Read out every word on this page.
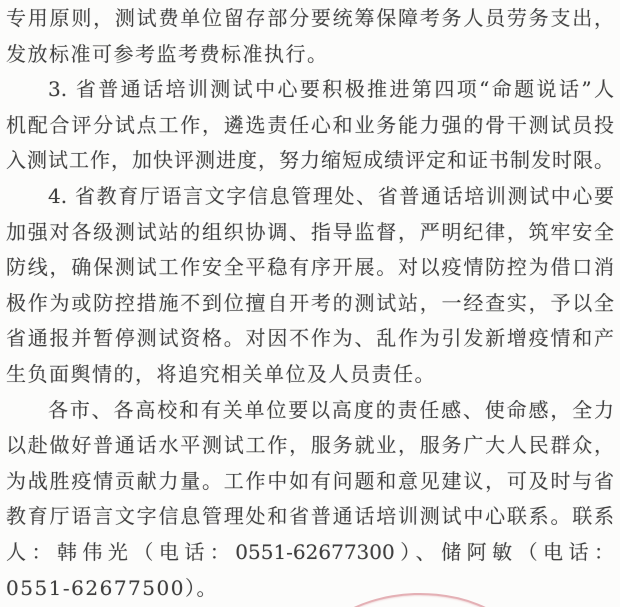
专用原则，测试费单位留存部分要统筹保障考务人员劳务支出，
发放标准可参考监考费标准执行。
3. 省普通话培训测试中心要积极推进第四项“命题说话”人
机配合评分试点工作，遴选责任心和业务能力强的骨干测试员投
入测试工作，加快评测进度，努力缩短成绩评定和证书制发时限。
4. 省教育厅语言文字信息管理处、省普通话培训测试中心要
加强对各级测试站的组织协调、指导监督，严明纪律，筑牢安全
防线，确保测试工作安全平稳有序开展。对以疫情防控为借口消
极作为或防控措施不到位擅自开考的测试站，一经查实，予以全
省通报并暂停测试资格。对因不作为、乱作为引发新增疫情和产
生负面舆情的，将追究相关单位及人员责任。
各市、各高校和有关单位要以高度的责任感、使命感，全力
以赴做好普通话水平测试工作，服务就业，服务广大人民群众，
为战胜疫情贡献力量。工作中如有问题和意见建议，可及时与省
教育厅语言文字信息管理处和省普通话培训测试中心联系。联系
人：韩伟光（电话：0551-62677300）、储阿敏（电话：
0551-62677500）。
